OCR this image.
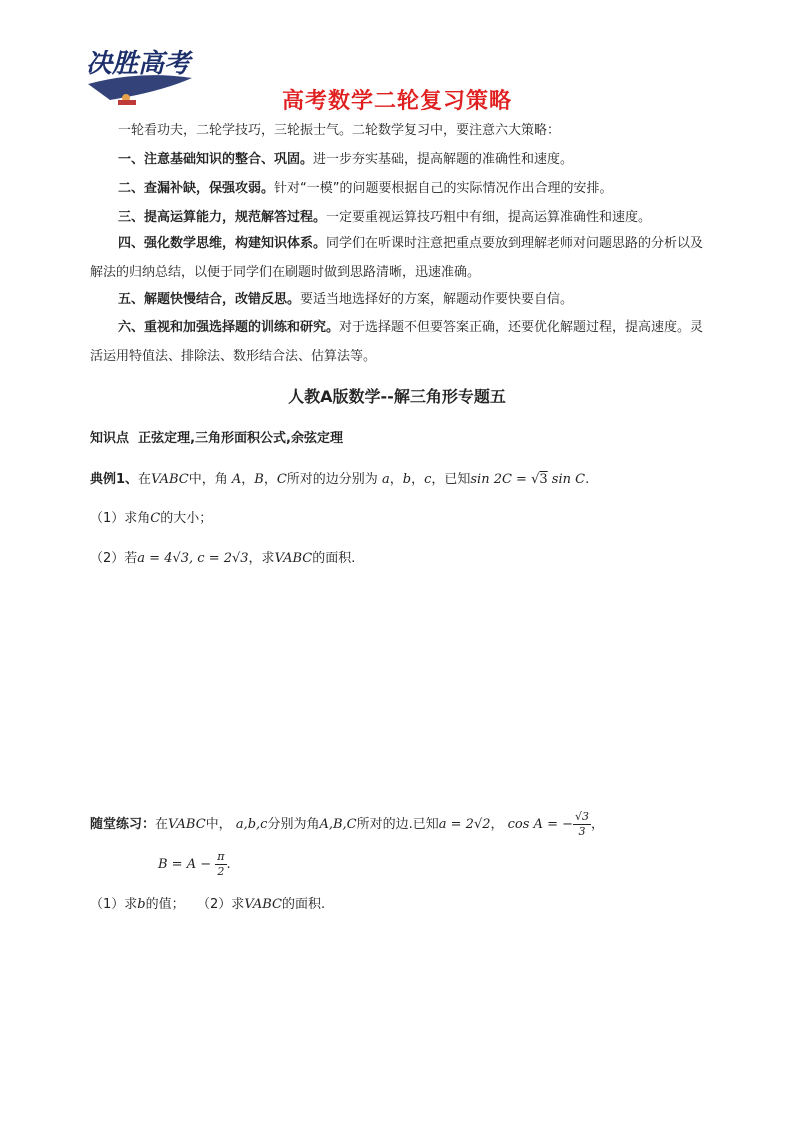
决胜高考
高考数学二轮复习策略
一轮看功夫，二轮学技巧，三轮振士气。二轮数学复习中，要注意六大策略：
一、注意基础知识的整合、巩固。进一步夯实基础，提高解题的准确性和速度。
二、查漏补缺，保强攻弱。针对“一模”的问题要根据自己的实际情况作出合理的安排。
三、提高运算能力，规范解答过程。一定要重视运算技巧粗中有细，提高运算准确性和速度。
四、强化数学思维，构建知识体系。同学们在听课时注意把重点要放到理解老师对问题思路的分析以及解法的归纳总结，以便于同学们在刷题时做到思路清晰，迅速准确。
五、解题快慢结合，改错反思。要适当地选择好的方案，解题动作要快要自信。
六、重视和加强选择题的训练和研究。对于选择题不但要答案正确，还要优化解题过程，提高速度。灵活运用特值法、排除法、数形结合法、估算法等。
人教A版数学--解三角形专题五
知识点 正弦定理,三角形面积公式,余弦定理
典例1、在VABC中，角 A，B，C所对的边分别为 a，b，c，已知sin 2C = √3 sin C.
（1）求角C的大小；
（2）若a = 4√3, c = 2√3，求VABC的面积.
随堂练习：在VABC中， a,b,c分别为角A,B,C所对的边.已知a = 2√2， cos A = − $\frac{√3}{3}$ ，
$B = A - \frac{\pi}{2}$ .
（1）求b的值； （2）求VABC的面积.
